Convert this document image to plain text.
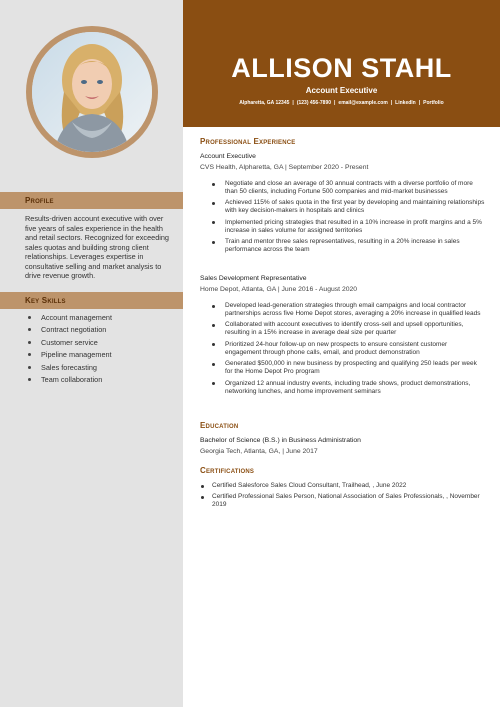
ALLISON STAHL
Account Executive
Alpharetta, GA 12345 | (123) 456-7890 | email@example.com | LinkedIn | Portfolio
Profile
Results-driven account executive with over five years of sales experience in the health and retail sectors. Recognized for exceeding sales quotas and building strong client relationships. Leverages expertise in consultative selling and market analysis to drive revenue growth.
Key Skills
Account management
Contract negotiation
Customer service
Pipeline management
Sales forecasting
Team collaboration
Professional Experience
Account Executive
CVS Health, Alpharetta, GA | September 2020 - Present
Negotiate and close an average of 30 annual contracts with a diverse portfolio of more than 50 clients, including Fortune 500 companies and mid-market businesses
Achieved 115% of sales quota in the first year by developing and maintaining relationships with key decision-makers in hospitals and clinics
Implemented pricing strategies that resulted in a 10% increase in profit margins and a 5% increase in sales volume for assigned territories
Train and mentor three sales representatives, resulting in a 20% increase in sales performance across the team
Sales Development Representative
Home Depot, Atlanta, GA | June 2016 - August 2020
Developed lead-generation strategies through email campaigns and local contractor partnerships across five Home Depot stores, averaging a 20% increase in qualified leads
Collaborated with account executives to identify cross-sell and upsell opportunities, resulting in a 15% increase in average deal size per quarter
Prioritized 24-hour follow-up on new prospects to ensure consistent customer engagement through phone calls, email, and product demonstration
Generated $500,000 in new business by prospecting and qualifying 250 leads per week for the Home Depot Pro program
Organized 12 annual industry events, including trade shows, product demonstrations, networking lunches, and home improvement seminars
Education
Bachelor of Science (B.S.) in Business Administration
Georgia Tech, Atlanta, GA, | June 2017
Certifications
Certified Salesforce Sales Cloud Consultant, Trailhead, , June 2022
Certified Professional Sales Person, National Association of Sales Professionals, , November 2019
